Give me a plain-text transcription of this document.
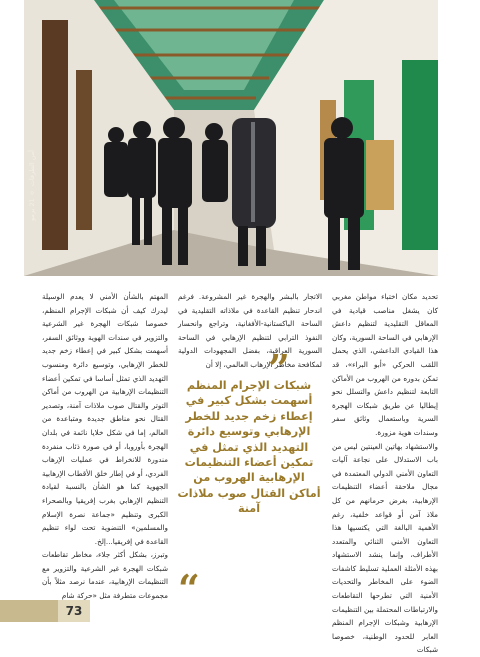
أمن الطرقات ⚪ 21 برمو

تحديد مكان اختباء مواطن مغربي كان يشغل مناصب قيادية في المعاقل التقليدية لتنظيم داعش الإرهابي في الساحة السورية، وكان هذا القيادي الداعشي، الذي يحمل اللقب الحركي «أبو البراء»، قد تمكن بدوره من الهروب من الأماكن التابعة لتنظيم داعش والتسلل نحو إيطاليا عن طريق شبكات الهجرة السرية وباستعمال وثائق سفر وسندات هوية مزورة.

والاستشهاد بهاتين العينتين ليس من باب الاستدلال على نجاعة آليات التعاون الأمني الدولي المعتمدة في مجال ملاحقة أعضاء التنظيمات الإرهابية، بغرض حرمانهم من كل ملاذ آمن أو قواعد خلفية، رغم الأهمية البالغة التي يكتسيها هذا التعاون الأمني الثنائي والمتعدد الأطراف، وإنما ينشد الاستشهاد بهذه الأمثلة العملية تسليط كاشفات الضوء على المخاطر والتحديات الأمنية التي تطرحها التقاطعات والارتباطات المحتملة بين التنظيمات الإرهابية وشبكات الإجرام المنظم العابر للحدود الوطنية، خصوصا شبكات

الاتجار بالبشر والهجرة غير المشروعة. فرغم اندحار تنظيم القاعدة في ملاذاته التقليدية في الساحة الباكستانية-الأفغانية، وتراجع وانحسار النفوذ الترابي لتنظيم الإرهابي في الساحة السورية العراقية، بفضل المجهودات الدولية لمكافحة مخاطر الإرهاب العالمي، إلا أن

”
شبكات الإجرام المنظم أسهمت بشكل كبير في إعطاء زخم جديد للخطر الإرهابي وتوسيع دائرة التهديد الذي تمثل في تمكين أعضاء التنظيمات الإرهابية الهروب من أماكن القتال صوب ملاذات آمنة
“

المهتم بالشأن الأمني لا يعدم الوسيلة ليدرك كيف أن شبكات الإجرام المنظم، خصوصا شبكات الهجرة غير الشرعية والتزوير في سندات الهوية ووثائق السفر، أسهمت بشكل كبير في إعطاء زخم جديد للخطر الإرهابي، وتوسيع دائرة ومنسوب التهديد الذي تمثل أساسا في تمكين أعضاء التنظيمات الإرهابية من الهروب من أماكن التوتر والقتال صوب ملاذات آمنة، وتصدير القتال نحو مناطق جديدة ومتباعدة من العالم، إما في شكل خلايا نائمة في بلدان الهجرة بأوروبا، أو في صورة ذئاب منفردة مندورة للانخراط في عمليات الإرهاب الفردي، أو في إطار خلق الأقطاب الإرهابية الجهوية كما هو الشأن بالنسبة لقيادة التنظيم الإرهابي بغرب إفريقيا وبالصحراء الكبرى وتنظيم «جماعة نصرة الإسلام والمسلمين» التنضوية تحت لواء تنظيم القاعدة في إفريقيا...إلخ.

وتبرز، بشكل أكثر جلاء، مخاطر تقاطعات شبكات الهجرة غير الشرعية والتزوير مع التنظيمات الإرهابية، عندما نرصد مثلاً بأن مجموعات متطرفة مثل «حركة شام

73
